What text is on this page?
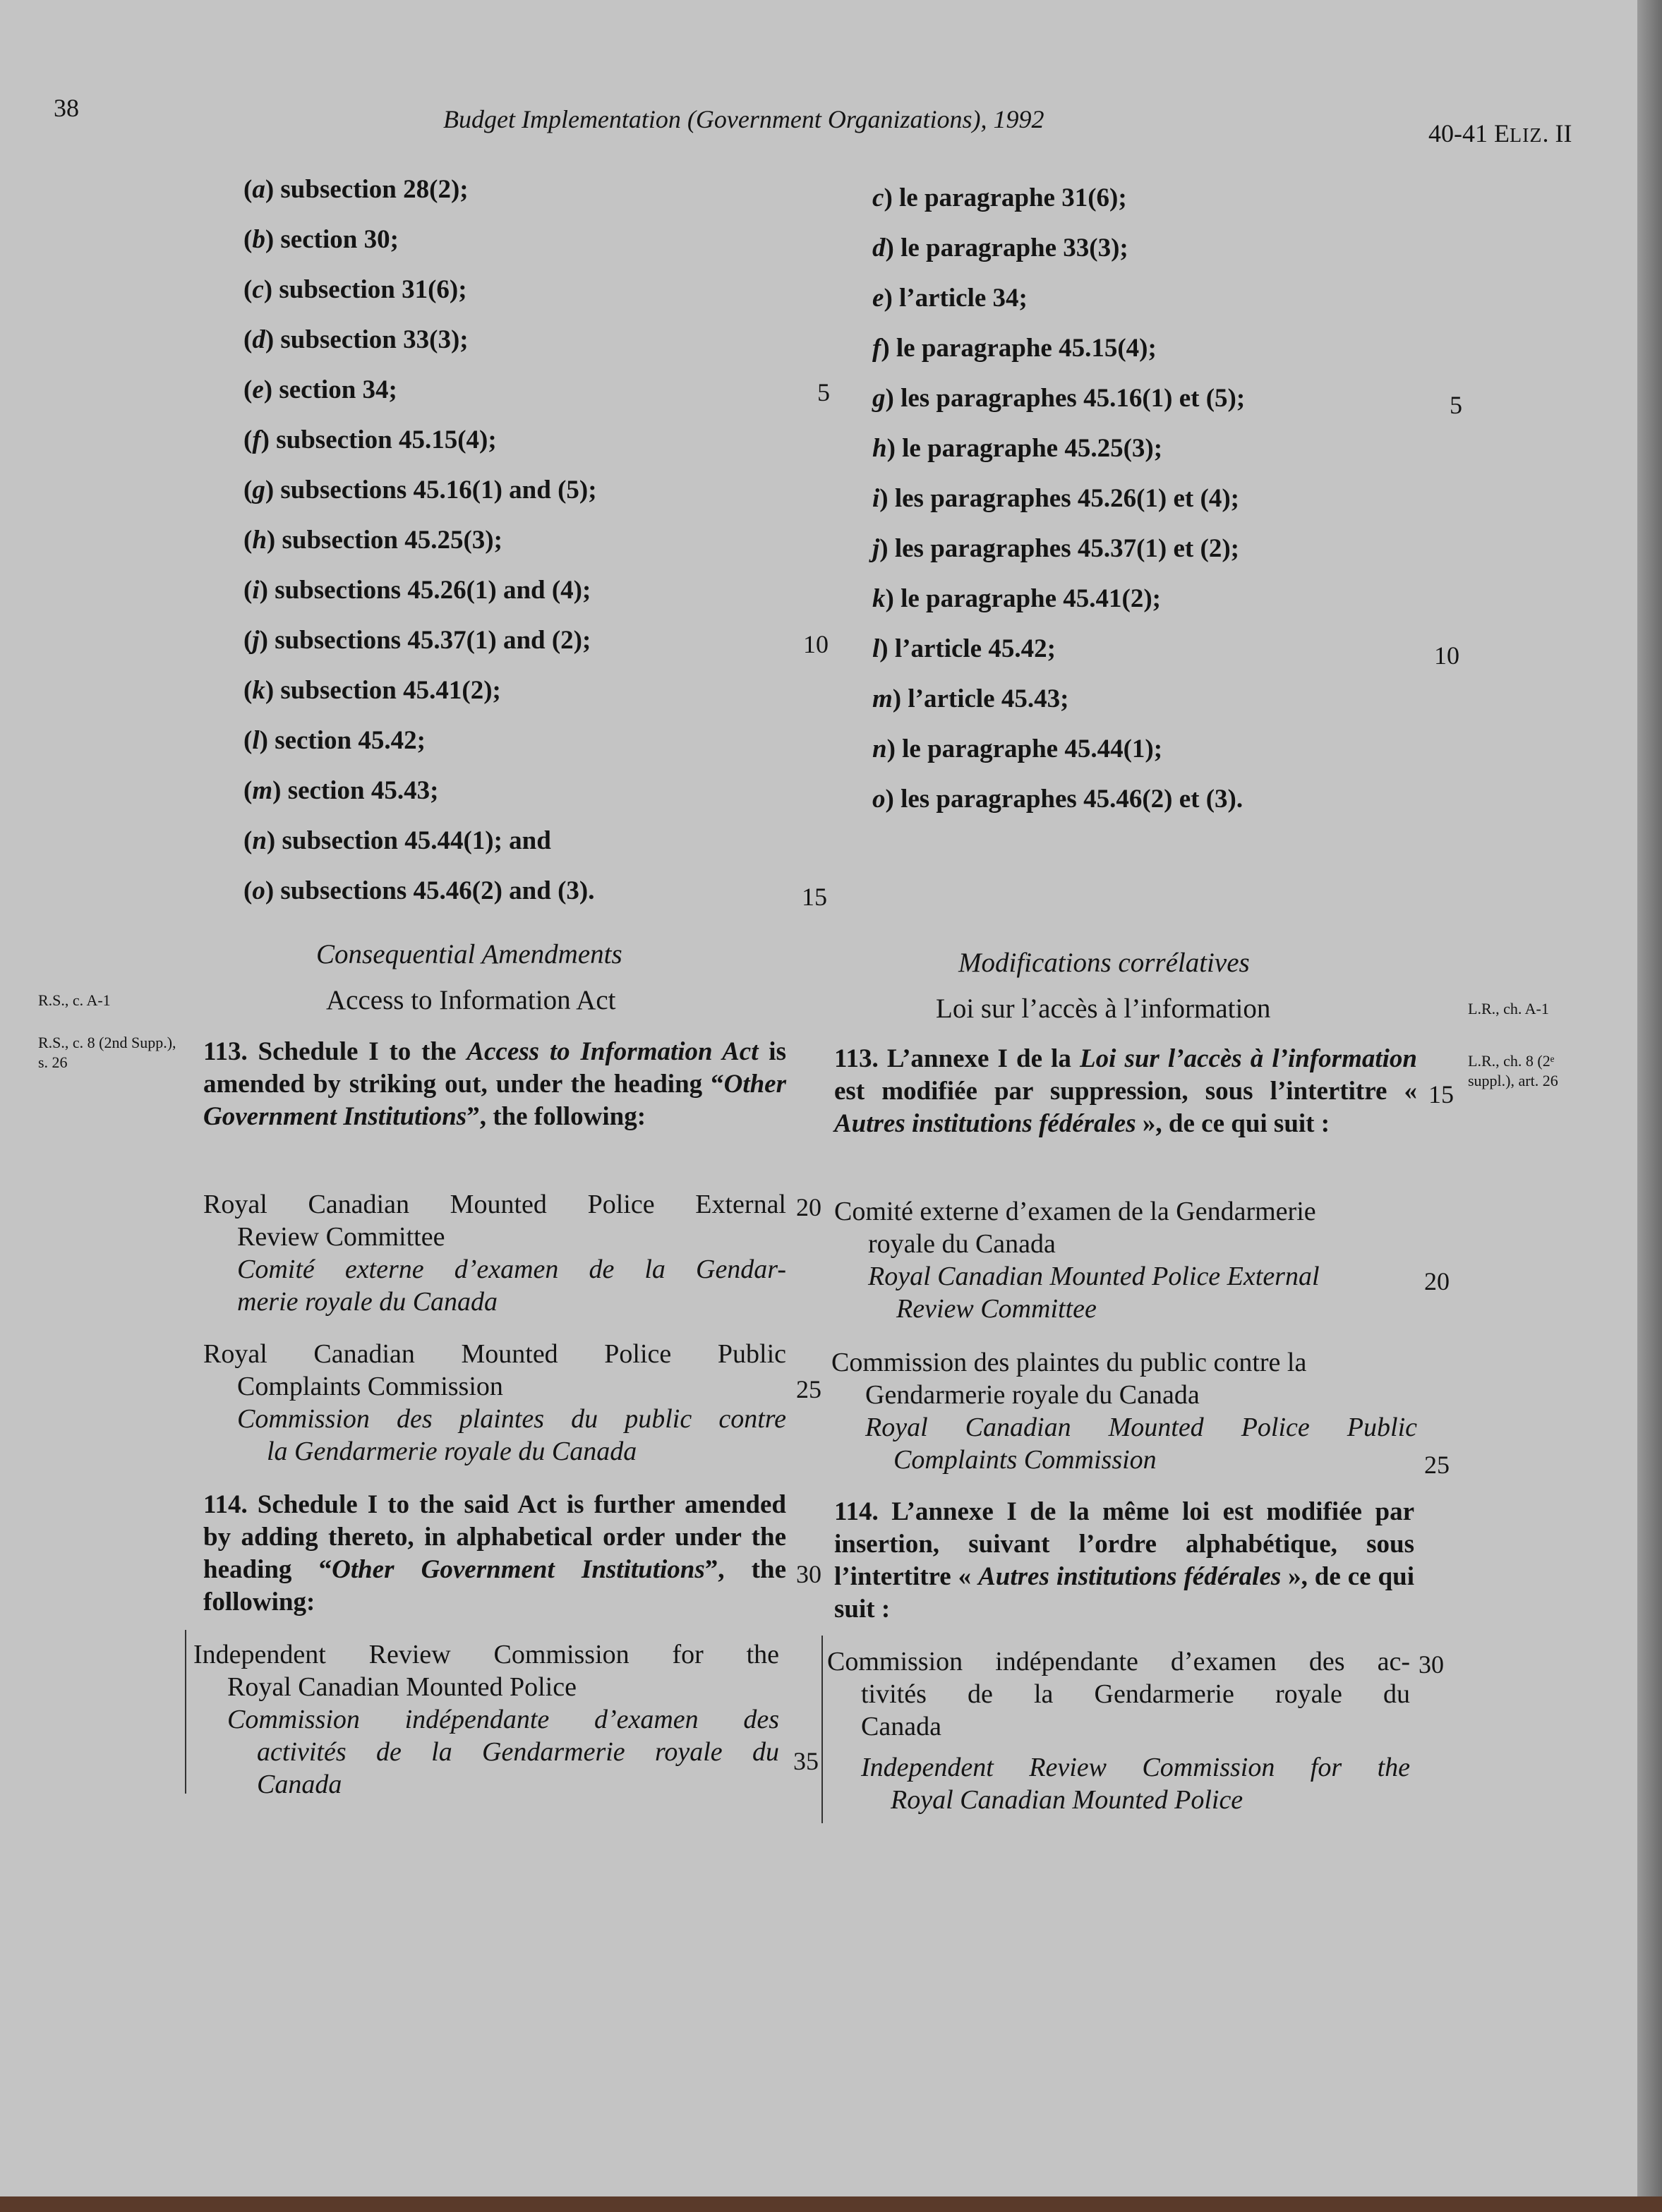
38	Budget Implementation (Government Organizations), 1992	40-41 ELIZ. II
(a) subsection 28(2);
(b) section 30;
(c) subsection 31(6);
(d) subsection 33(3);
(e) section 34;
(f) subsection 45.15(4);
(g) subsections 45.16(1) and (5);
(h) subsection 45.25(3);
(i) subsections 45.26(1) and (4);
(j) subsections 45.37(1) and (2);
(k) subsection 45.41(2);
(l) section 45.42;
(m) section 45.43;
(n) subsection 45.44(1); and
(o) subsections 45.46(2) and (3).
5
10
15
20
25
30
35
c) le paragraphe 31(6);
d) le paragraphe 33(3);
e) l’article 34;
f) le paragraphe 45.15(4);
g) les paragraphes 45.16(1) et (5);
h) le paragraphe 45.25(3);
i) les paragraphes 45.26(1) et (4);
j) les paragraphes 45.37(1) et (2);
k) le paragraphe 45.41(2);
l) l’article 45.42;
m) l’article 45.43;
n) le paragraphe 45.44(1);
o) les paragraphes 45.46(2) et (3).
5
10
15
20
25
30
Consequential Amendments
Access to Information Act
Modifications corrélatives
Loi sur l’accès à l’information
R.S., c. A-1
R.S., c. 8 (2nd Supp.), s. 26
L.R., ch. A-1
L.R., ch. 8 (2ᵉ suppl.), art. 26
113. Schedule I to the Access to Information Act is amended by striking out, under the heading “Other Government Institutions”, the following:
Royal Canadian Mounted Police External
Review Committee
Comité externe d’examen de la Gendar-
merie royale du Canada
Royal Canadian Mounted Police Public
Complaints Commission
Commission des plaintes du public contre
la Gendarmerie royale du Canada
114. Schedule I to the said Act is further amended by adding thereto, in alphabetical order under the heading “Other Government Institutions”, the following:
Independent Review Commission for the
Royal Canadian Mounted Police
Commission indépendante d’examen des
activités de la Gendarmerie royale du
Canada
113. L’annexe I de la Loi sur l’accès à l’information est modifiée par suppression, sous l’intertitre « Autres institutions fédérales », de ce qui suit :
Comité externe d’examen de la Gendarmerie
royale du Canada
Royal Canadian Mounted Police External
Review Committee
Commission des plaintes du public contre la
Gendarmerie royale du Canada
Royal Canadian Mounted Police Public
Complaints Commission
114. L’annexe I de la même loi est modifiée par insertion, suivant l’ordre alphabétique, sous l’intertitre « Autres institutions fédérales », de ce qui suit :
Commission indépendante d’examen des ac-
tivités de la Gendarmerie royale du
Canada
Independent Review Commission for the
Royal Canadian Mounted Police
